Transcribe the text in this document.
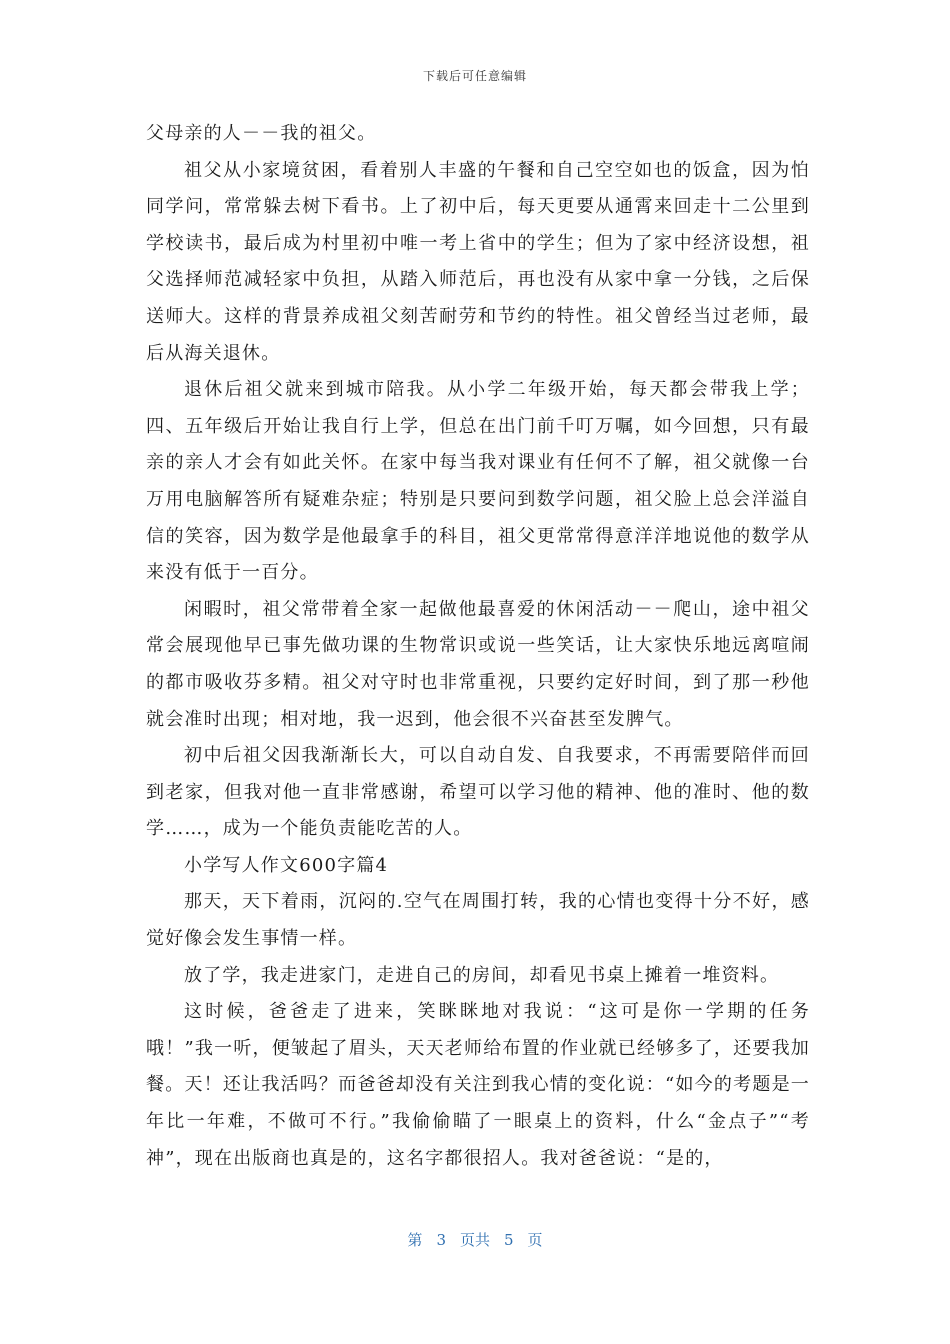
下载后可任意编辑

父母亲的人－－我的祖父。

祖父从小家境贫困，看着别人丰盛的午餐和自己空空如也的饭盒，因为怕同学问，常常躲去树下看书。上了初中后，每天更要从通霄来回走十二公里到学校读书，最后成为村里初中唯一考上省中的学生；但为了家中经济设想，祖父选择师范减轻家中负担，从踏入师范后，再也没有从家中拿一分钱，之后保送师大。这样的背景养成祖父刻苦耐劳和节约的特性。祖父曾经当过老师，最后从海关退休。

退休后祖父就来到城市陪我。从小学二年级开始，每天都会带我上学；四、五年级后开始让我自行上学，但总在出门前千叮万嘱，如今回想，只有最亲的亲人才会有如此关怀。在家中每当我对课业有任何不了解，祖父就像一台万用电脑解答所有疑难杂症；特别是只要问到数学问题，祖父脸上总会洋溢自信的笑容，因为数学是他最拿手的科目，祖父更常常得意洋洋地说他的数学从来没有低于一百分。

闲暇时，祖父常带着全家一起做他最喜爱的休闲活动－－爬山，途中祖父常会展现他早已事先做功课的生物常识或说一些笑话，让大家快乐地远离喧闹的都市吸收芬多精。祖父对守时也非常重视，只要约定好时间，到了那一秒他就会准时出现；相对地，我一迟到，他会很不兴奋甚至发脾气。

初中后祖父因我渐渐长大，可以自动自发、自我要求，不再需要陪伴而回到老家，但我对他一直非常感谢，希望可以学习他的精神、他的准时、他的数学……，成为一个能负责能吃苦的人。

小学写人作文600字篇4

那天，天下着雨，沉闷的.空气在周围打转，我的心情也变得十分不好，感觉好像会发生事情一样。

放了学，我走进家门，走进自己的房间，却看见书桌上摊着一堆资料。

这时候，爸爸走了进来，笑眯眯地对我说：“这可是你一学期的任务哦！”我一听，便皱起了眉头，天天老师给布置的作业就已经够多了，还要我加餐。天！还让我活吗？而爸爸却没有关注到我心情的变化说：“如今的考题是一年比一年难，不做可不行。”我偷偷瞄了一眼桌上的资料，什么“金点子”“考神”，现在出版商也真是的，这名字都很招人。我对爸爸说：“是的，

第 3 页共 5 页
